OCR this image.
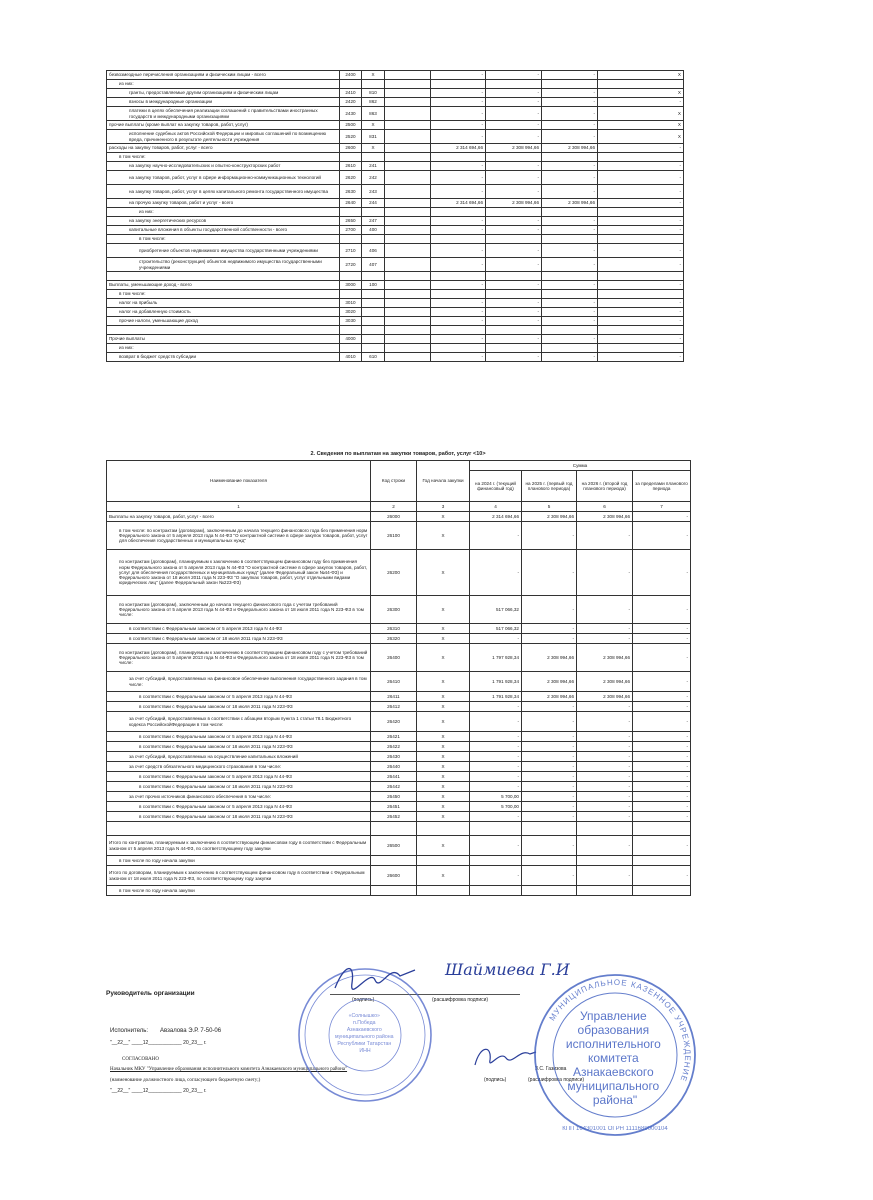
безвозмездные перечисления организациям и физическим лицам - всего	2400	X		-	-	-	X
из них:							
гранты, предоставляемые другим организациям и физическим лицам	2410	810		-	-	-	X
взносы в международные организации	2420	862		-	-	-	-
платежи в целях обеспечения реализации соглашений с правительствами иностранных государств и международными организациями	2430	863		-	-	-	X
прочие выплаты (кроме выплат на закупку товаров, работ, услуг)	2500	X		-	-	-	X
исполнение судебных актов Российской Федерации и мировых соглашений по возмещению вреда, причиненного в результате деятельности учреждения	2520	831		-	-	-	X
расходы на закупку товаров, работ, услуг - всего	2600	X		2 314 694,66	2 308 994,66	2 308 994,66	-
в том числе:							
на закупку научно-исследовательских и опытно-конструкторских работ	2610	241		-	-	-	-
на закупку товаров, работ, услуг в сфере информационно-коммуникационных технологий	2620	242		-	-	-	-
на закупку товаров, работ, услуг в целях капитального ремонта государственного имущества	2630	243		-	-	-	-
на прочую закупку товаров, работ и услуг - всего	2640	244		2 314 694,66	2 308 994,66	2 308 994,66	-
из них:							
на закупку энергетических ресурсов	2650	247		-	-	-	-
капитальные вложения в объекты государственной собственности - всего	2700	400		-	-	-	-
в том числе:							
приобретение объектов недвижимого имущества государственными учреждениями	2710	406		-	-	-	-
строительство (реконструкция) объектов недвижимого имущества государственными учреждениями	2720	407		-	-	-	-

Выплаты, уменьшающие доход - всего	3000	100		-	-	-	-
в том числе:							
налог на прибыль	3010			-	-	-	-
налог на добавленную стоимость	3020			-	-	-	-
прочие налоги, уменьшающие доход	3030			-	-	-	-

Прочие выплаты	4000			-	-	-	-
из них:							
возврат в бюджет средств субсидии	4010	610		-	-	-	-
2. Сведения по выплатам на закупки товаров, работ, услуг <10>
Наименование показателя	Код строки	Год начала закупки	Сумма			
			на 2024 г. (текущий финансовый год)	на 2025 г. (первый год планового периода)	на 2026 г. (второй год планового периода)	за пределами планового периода
1	2	3	4	5	6	7
Выплаты на закупку товаров, работ, услуг - всего	26000	X	2 314 694,66	2 308 994,66	2 308 994,66	-
в том числе: по контрактам (договорам), заключенным до начала текущего финансового года без применения норм Федерального закона от 5 апреля 2013 года N 44-ФЗ "О контрактной системе в сфере закупок товаров, работ, услуг для обеспечения государственных и муниципальных нужд"	26100	X	-	-	-	-
по контрактам (договорам), планируемым к заключению в соответствующем финансовом году без применения норм Федерального закона от 5 апреля 2013 года N 44-ФЗ "О контрактной системе в сфере закупок товаров, работ, услуг для обеспечения государственных и муниципальных нужд" (далее Федеральный закон №44-ФЗ) и Федерального закона от 18 июля 2011 года N 223-ФЗ "О закупках товаров, работ, услуг отдельными видами юридических лиц" (далее Федеральный закон №223-ФЗ)	26200	X	-	-	-	-
по контрактам (договорам), заключенным до начала текущего финансового года с учетом требований Федерального закона от 5 апреля 2013 года N 44-ФЗ и Федерального закона от 18 июля 2011 года N 223-ФЗ в том числе:	26300	X	517 066,32	-	-	-
в соответствии с Федеральным законом от 5 апреля 2013 года N 44-ФЗ	26310	X	517 066,32	-	-	-
в соответствии с Федеральным законом от 18 июля 2011 года N 223-ФЗ	26320	X	-	-	-	-
по контрактам (договорам), планируемым к заключению в соответствующем финансовом году с учетом требований Федерального закона от 5 апреля 2013 года N 44-ФЗ и Федерального закона от 18 июля 2011 года N 223-ФЗ в том числе:	26400	X	1 797 928,34	2 308 994,66	2 308 994,66	-
за счет субсидий, предоставляемых на финансовое обеспечение выполнения государственного задания в том числе:	26410	X	1 791 928,34	2 308 994,66	2 308 994,66	-
в соответствии с Федеральным законом от 5 апреля 2013 года N 44-ФЗ	26411	X	1 791 928,34	2 308 994,66	2 308 994,66	-
в соответствии с Федеральным законом от 18 июля 2011 года N 223-ФЗ	26412	X	-	-	-	-
за счет субсидий, предоставляемых в соответствии с абзацем вторым пункта 1 статьи 78.1 Бюджетного кодекса РоссийскойФедерации в том числе:	26420	X	-	-	-	-
в соответствии с Федеральным законом от 5 апреля 2013 года N 44-ФЗ	26421	X	-	-	-	-
в соответствии с Федеральным законом от 18 июля 2011 года N 223-ФЗ	26422	X	-	-	-	-
за счет субсидий, предоставляемых на осуществление капитальных вложений	26430	X	-	-	-	-
за счет средств обязательного медицинского страхования в том числе:	26440	X	-	-	-	-
в соответствии с Федеральным законом от 5 апреля 2013 года N 44-ФЗ	26441	X	-	-	-	-
в соответствии с Федеральным законом от 18 июля 2011 года N 223-ФЗ	26442	X	-	-	-	-
за счет прочих источников финансового обеспечения в том числе:	26450	X	5 700,00	-	-	-
в соответствии с Федеральным законом от 5 апреля 2013 года N 44-ФЗ	26451	X	5 700,00	-	-	-
в соответствии с Федеральным законом от 18 июля 2011 года N 223-ФЗ	26452	X	-	-	-	-

Итого по контрактам, планируемым к заключению в соответствующем финансовом году в соответствии с Федеральным законом от 5 апреля 2013 года N 44-ФЗ, по соответствующему году закупки	26500	X	-	-	-	-
в том числе по году начала закупки						
Итого по договорам, планируемым к заключению в соответствующем финансовом году в соответствии с Федеральным законом от 18 июля 2011 года N 223-ФЗ, по соответствующему году закупки	26600	X	-	-	-	-
в том числе по году начала закупки						
Руководитель организации
(подпись)	(расшифровка подписи)
Шаймиева Г.И
Исполнитель: Авзалова Э.Р. 7-50-06
"__22__" ____12____________ 20_23__ г.
СОГЛАСОВАНО
Начальник МКУ "Управление образования исполнительного комитета Азнакаевского муниципального района"
(наименование должностного лица, согласующего бюджетную смету;)
"__22__" ____12____________ 20_23__ г.
(подпись)	(расшифровка подписи)
З.С. Газизова
«Солнышко» п.Победа Азнакаевского муниципального района Республики Татарстан ИНН
МУНИЦИПАЛЬНОЕ КАЗЕННОЕ УЧРЕЖДЕНИЕ
КПП 164301001 ОГРН 1111689000104
Управление образования исполнительного комитета Азнакаевского муниципального района"
